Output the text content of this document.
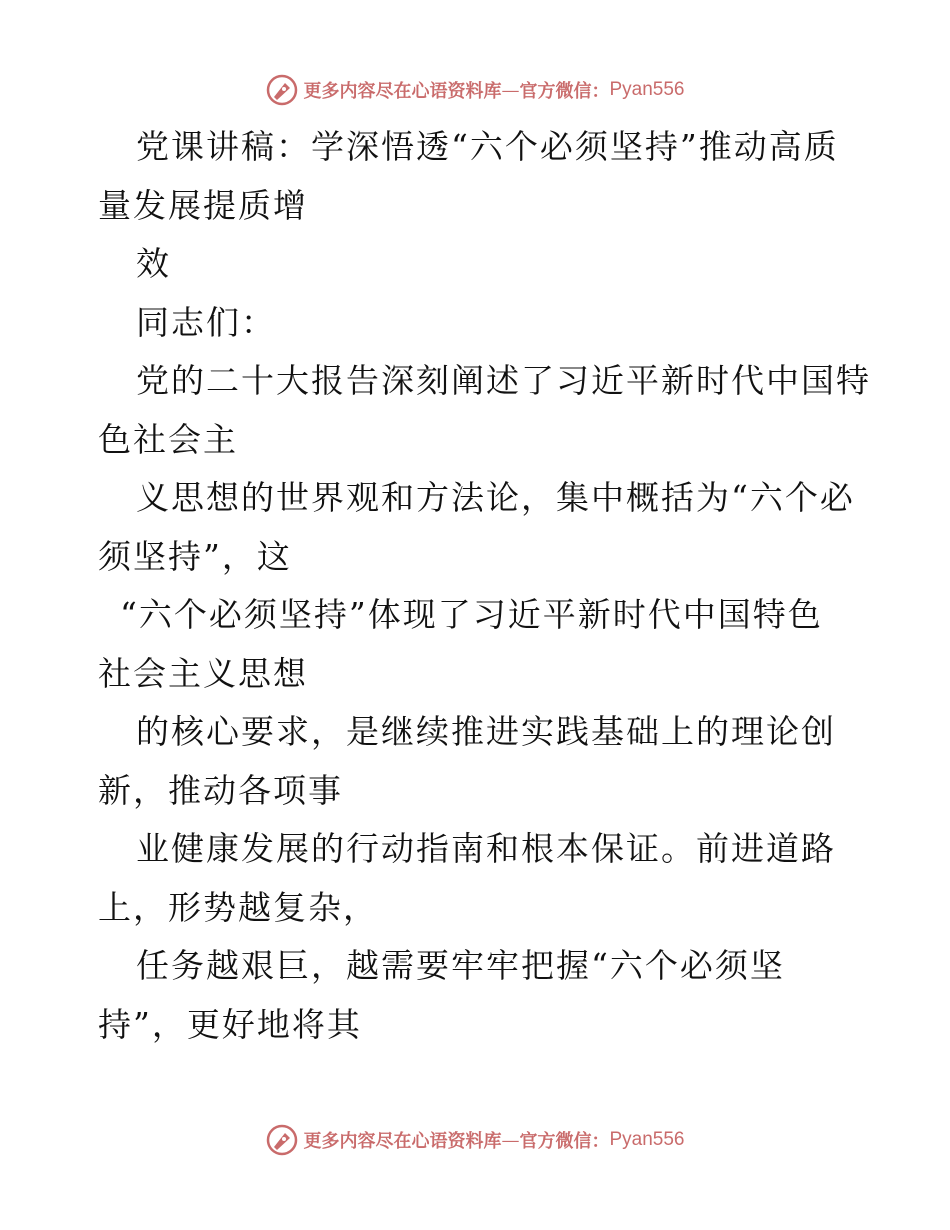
更多内容尽在心语资料库 — 官方微信： Pyan556
党课讲稿：学深悟透“六个必须坚持”推动高质
量发展提质增
效
同志们：
党的二十大报告深刻阐述了习近平新时代中国特
色社会主
义思想的世界观和方法论，集中概括为“六个必
须坚持”，这
“六个必须坚持”体现了习近平新时代中国特色
社会主义思想
的核心要求，是继续推进实践基础上的理论创
新，推动各项事
业健康发展的行动指南和根本保证。前进道路
上，形势越复杂，
任务越艰巨，越需要牢牢把握“六个必须坚
持”，更好地将其
更多内容尽在心语资料库 — 官方微信： Pyan556
